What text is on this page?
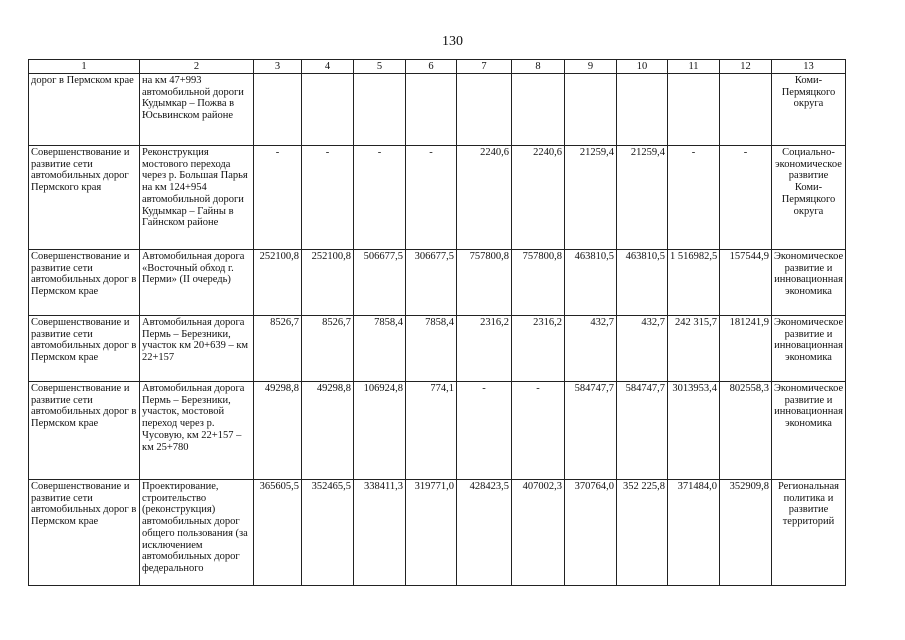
130
1	2	3	4	5	6	7	8	9	10	11	12	13
дорог в Пермском крае	на км 47+993 автомобильной дороги Кудымкар – Пожва в Юсьвинском районе											Коми-Пермяцкого округа
Совершенствование и развитие сети автомобильных дорог Пермского края	Реконструкция мостового перехода через р. Большая Парья на км 124+954 автомобильной дороги Кудымкар – Гайны в Гайнском районе	-	-	-	-	2240,6	2240,6	21259,4	21259,4	-	-	Социально-экономическое развитие Коми-Пермяцкого округа
Совершенствование и развитие сети автомобильных дорог в Пермском крае	Автомобильная дорога «Восточный обход г. Перми» (II очередь)	252100,8	252100,8	506677,5	306677,5	757800,8	757800,8	463810,5	463810,5	1 516982,5	157544,9	Экономическое развитие и инновационная экономика
Совершенствование и развитие сети автомобильных дорог в Пермском крае	Автомобильная дорога Пермь – Березники, участок км 20+639 – км 22+157	8526,7	8526,7	7858,4	7858,4	2316,2	2316,2	432,7	432,7	242 315,7	181241,9	Экономическое развитие и инновационная экономика
Совершенствование и развитие сети автомобильных дорог в Пермском крае	Автомобильная дорога Пермь – Березники, участок, мостовой переход через р. Чусовую, км 22+157 – км 25+780	49298,8	49298,8	106924,8	774,1	-	-	584747,7	584747,7	3013953,4	802558,3	Экономическое развитие и инновационная экономика
Совершенствование и развитие сети автомобильных дорог в Пермском крае	Проектирование, строительство (реконструкция) автомобильных дорог общего пользования (за исключением автомобильных дорог федерального	365605,5	352465,5	338411,3	319771,0	428423,5	407002,3	370764,0	352 225,8	371484,0	352909,8	Региональная политика и развитие территорий
